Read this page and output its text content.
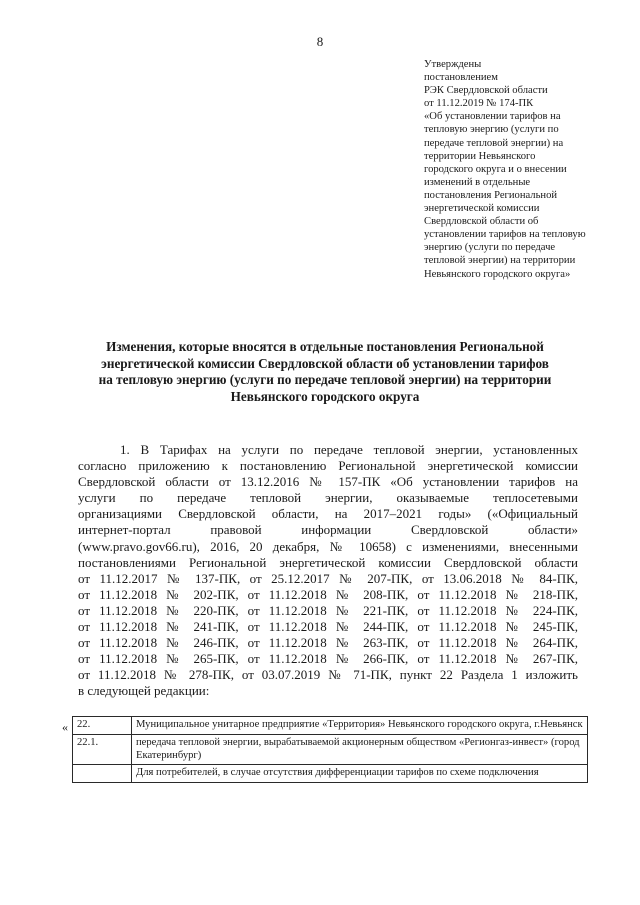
8
Утверждены
постановлением
РЭК Свердловской области
от 11.12.2019 № 174-ПК
«Об установлении тарифов на
тепловую энергию (услуги по
передаче тепловой энергии) на
территории Невьянского
городского округа и о внесении
изменений в отдельные
постановления Региональной
энергетической комиссии
Свердловской области об
установлении тарифов на тепловую
энергию (услуги по передаче
тепловой энергии) на территории
Невьянского городского округа»
Изменения, которые вносятся в отдельные постановления Региональной
энергетической комиссии Свердловской области об установлении тарифов
на тепловую энергию (услуги по передаче тепловой энергии) на территории
Невьянского городского округа
1. В Тарифах на услуги по передаче тепловой энергии, установленных
согласно приложению к постановлению Региональной энергетической комиссии
Свердловской области от 13.12.2016 № 157-ПК «Об установлении тарифов на
услуги по передаче тепловой энергии, оказываемые теплосетевыми
организациями Свердловской области, на 2017–2021 годы» («Официальный
интернет-портал правовой информации Свердловской области»
(www.pravo.gov66.ru), 2016, 20 декабря, № 10658) с изменениями, внесенными
постановлениями Региональной энергетической комиссии Свердловской области
от 11.12.2017 № 137-ПК, от 25.12.2017 № 207-ПК, от 13.06.2018 № 84-ПК,
от 11.12.2018 № 202-ПК, от 11.12.2018 № 208-ПК, от 11.12.2018 № 218-ПК,
от 11.12.2018 № 220-ПК, от 11.12.2018 № 221-ПК, от 11.12.2018 № 224-ПК,
от 11.12.2018 № 241-ПК, от 11.12.2018 № 244-ПК, от 11.12.2018 № 245-ПК,
от 11.12.2018 № 246-ПК, от 11.12.2018 № 263-ПК, от 11.12.2018 № 264-ПК,
от 11.12.2018 № 265-ПК, от 11.12.2018 № 266-ПК, от 11.12.2018 № 267-ПК,
от 11.12.2018 № 278-ПК, от 03.07.2019 № 71-ПК, пункт 22 Раздела 1 изложить
в следующей редакции:
« 22.	Муниципальное унитарное предприятие «Территория» Невьянского городского округа, г.Невьянск
22.1.	передача тепловой энергии, вырабатываемой акционерным обществом «Регионгаз-инвест» (город Екатеринбург)
	Для потребителей, в случае отсутствия дифференциации тарифов по схеме подключения
